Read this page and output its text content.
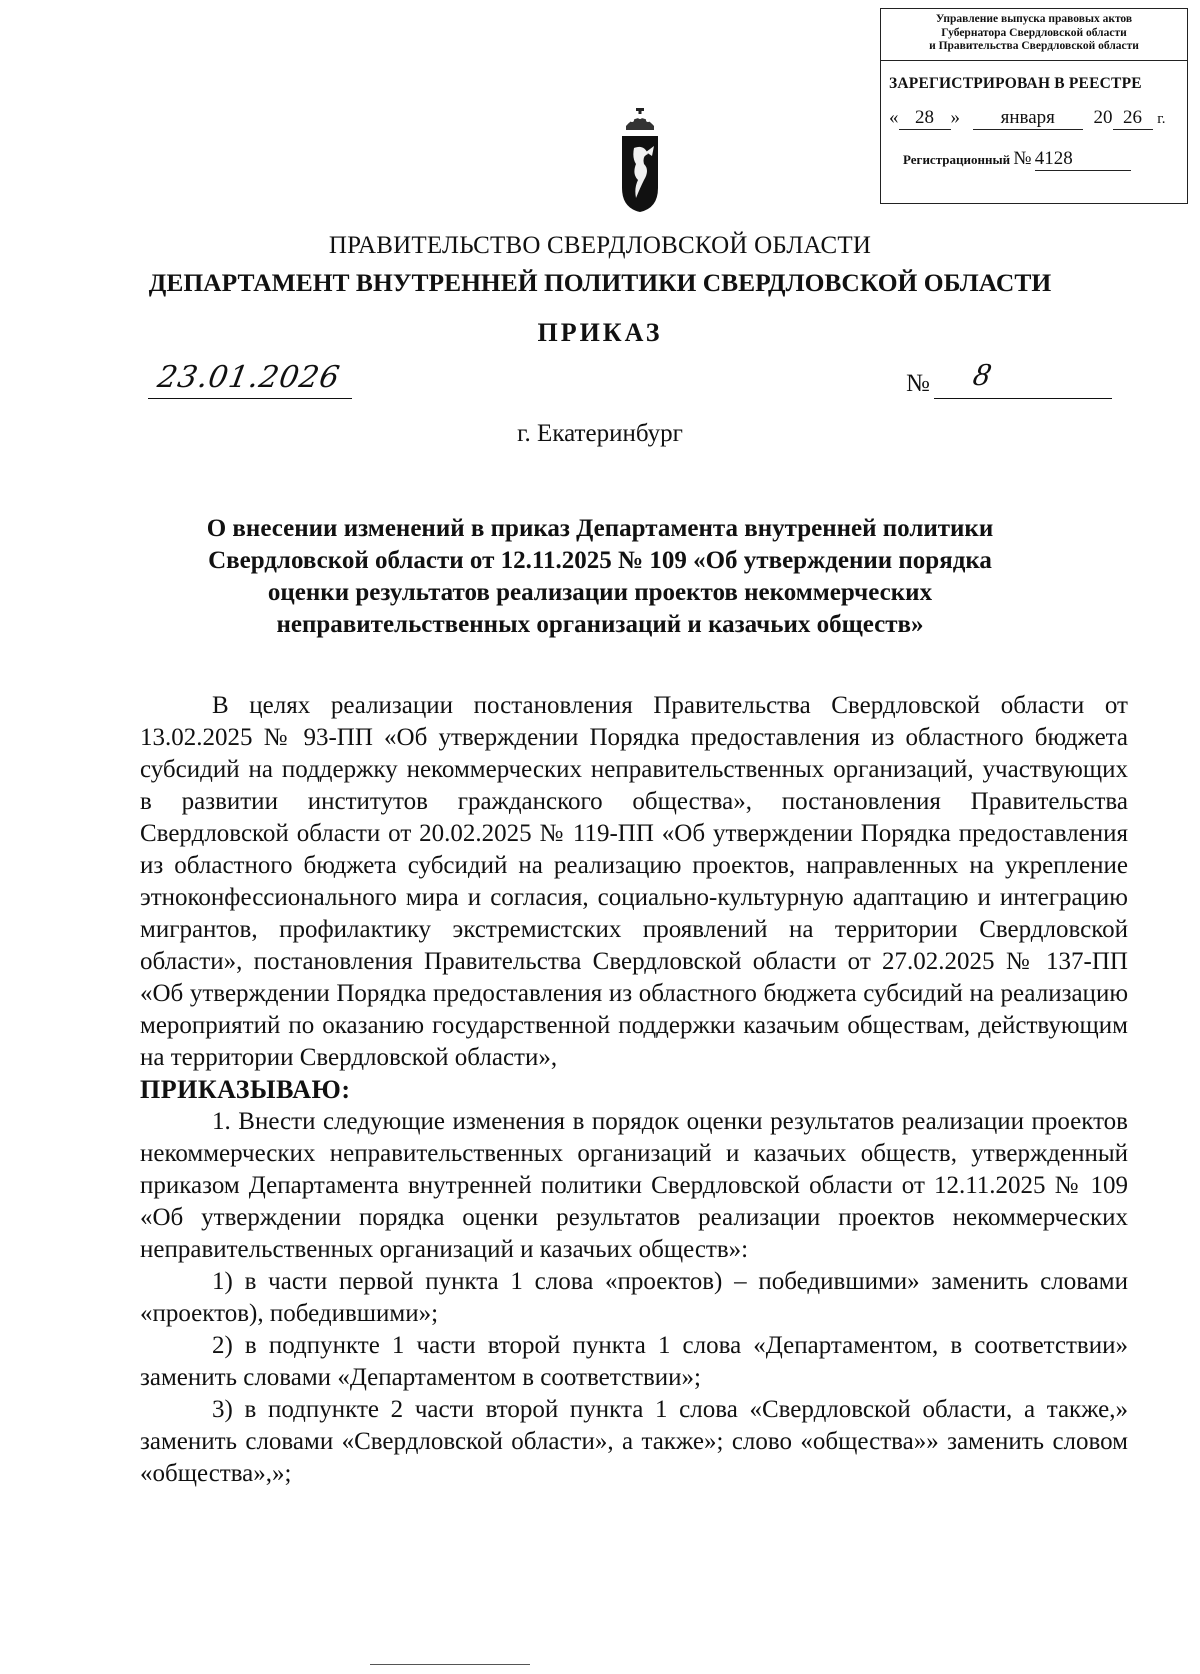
Управление выпуска правовых актов
Губернатора Свердловской области
и Правительства Свердловской области
ЗАРЕГИСТРИРОВАН В РЕЕСТРЕ
« 28 » января 20 26 г.
Регистрационный № 4128
ПРАВИТЕЛЬСТВО СВЕРДЛОВСКОЙ ОБЛАСТИ
ДЕПАРТАМЕНТ ВНУТРЕННЕЙ ПОЛИТИКИ СВЕРДЛОВСКОЙ ОБЛАСТИ
ПРИКАЗ
23.01.2026	№ 8
г. Екатеринбург
О внесении изменений в приказ Департамента внутренней политики
Свердловской области от 12.11.2025 № 109 «Об утверждении порядка
оценки результатов реализации проектов некоммерческих
неправительственных организаций и казачьих обществ»

В целях реализации постановления Правительства Свердловской области от 13.02.2025 № 93-ПП «Об утверждении Порядка предоставления из областного бюджета субсидий на поддержку некоммерческих неправительственных организаций, участвующих в развитии институтов гражданского общества», постановления Правительства Свердловской области от 20.02.2025 № 119-ПП «Об утверждении Порядка предоставления из областного бюджета субсидий на реализацию проектов, направленных на укрепление этноконфессионального мира и согласия, социально-культурную адаптацию и интеграцию мигрантов, профилактику экстремистских проявлений на территории Свердловской области», постановления Правительства Свердловской области от 27.02.2025 № 137-ПП «Об утверждении Порядка предоставления из областного бюджета субсидий на реализацию мероприятий по оказанию государственной поддержки казачьим обществам, действующим на территории Свердловской области»,

ПРИКАЗЫВАЮ:

1. Внести следующие изменения в порядок оценки результатов реализации проектов некоммерческих неправительственных организаций и казачьих обществ, утвержденный приказом Департамента внутренней политики Свердловской области от 12.11.2025 № 109 «Об утверждении порядка оценки результатов реализации проектов некоммерческих неправительственных организаций и казачьих обществ»:

1) в части первой пункта 1 слова «проектов) – победившими» заменить словами «проектов), победившими»;

2) в подпункте 1 части второй пункта 1 слова «Департаментом, в соответствии» заменить словами «Департаментом в соответствии»;

3) в подпункте 2 части второй пункта 1 слова «Свердловской области, а также,» заменить словами «Свердловской области», а также»; слово «общества»» заменить словом «общества»,»;
